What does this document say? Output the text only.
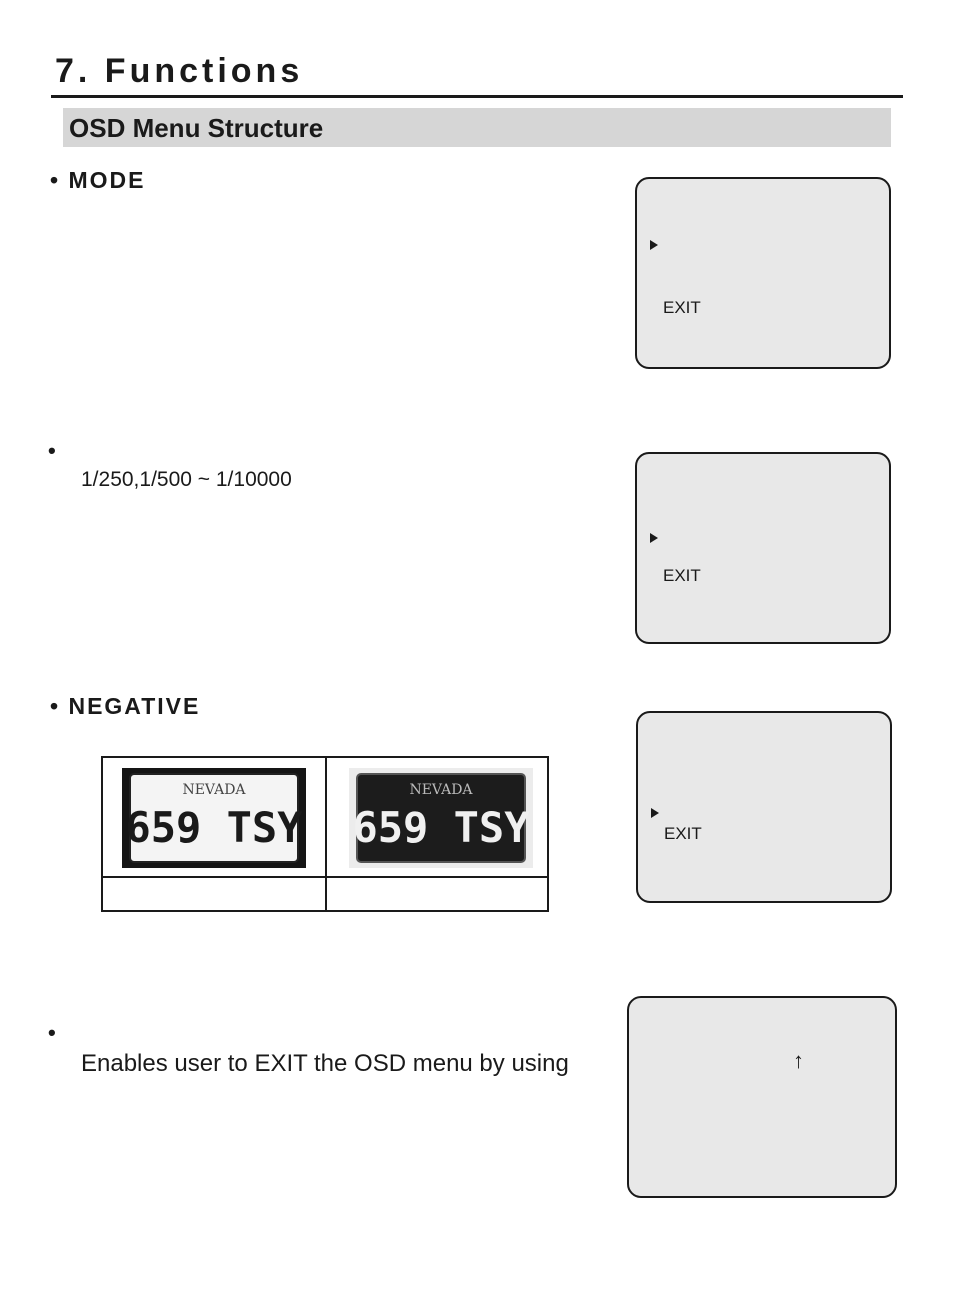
7. Functions
OSD Menu Structure
• MODE
EXIT
•
1/250,1/500 ~ 1/10000
EXIT
• NEGATIVE
NEVADA
659 TSY
NEVADA
659 TSY	EXIT
•
Enables user to EXIT the OSD menu by using	↑
